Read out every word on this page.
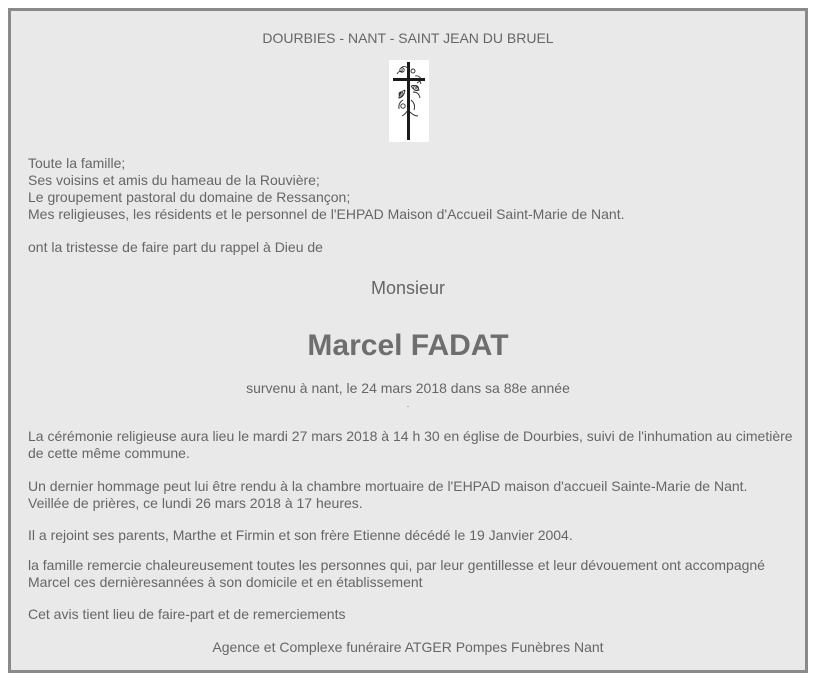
DOURBIES - NANT - SAINT JEAN DU BRUEL
Toute la famille;
Ses voisins et amis du hameau de la Rouvière;
Le groupement pastoral du domaine de Ressançon;
Mes religieuses, les résidents et le personnel de l'EHPAD Maison d'Accueil Saint-Marie de Nant.
ont la tristesse de faire part du rappel à Dieu de
Monsieur
Marcel FADAT
survenu à nant, le 24 mars 2018 dans sa 88e année
.
La cérémonie religieuse aura lieu le mardi 27 mars 2018 à 14 h 30 en église de Dourbies, suivi de l'inhumation au cimetière de cette même commune.
Un dernier hommage peut lui être rendu à la chambre mortuaire de l'EHPAD maison d'accueil Sainte-Marie de Nant.
Veillée de prières, ce lundi 26 mars 2018 à 17 heures.
Il a rejoint ses parents, Marthe et Firmin et son frère Etienne décédé le 19 Janvier 2004.
la famille remercie chaleureusement toutes les personnes qui, par leur gentillesse et leur dévouement ont accompagné Marcel ces dernièresannées à son domicile et en établissement
Cet avis tient lieu de faire-part et de remerciements
Agence et Complexe funéraire ATGER Pompes Funèbres Nant
